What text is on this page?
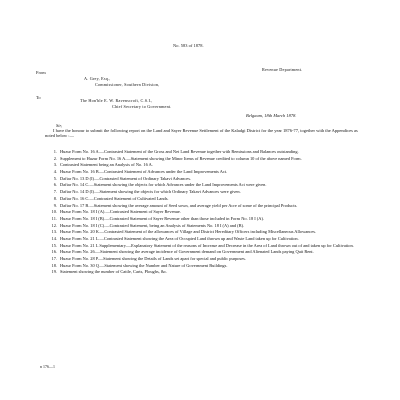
No. 583 of 1878.
Revenue Department.
From
A. Grey, Esq.,
Commissioner, Southern Division,
To
The Hon'ble E. W. Ravenscroft, C.S.I.,
Chief Secretary to Government.
Belgaum, 18th March 1878.
Sir,
I have the honour to submit the following report on the Land and Sayer Revenue Settlement of the Kaladgi District for the year 1876-77, together with the Appendices as noted below :—
1. Huzur Form No. 16 A.—Contrasted Statement of the Gross and Net Land Revenue together with Remissions and Balances outstanding.
2. Supplement to Huzur Form No. 16 A.—Statement showing the Minor Items of Revenue credited to column 10 of the above named Form.
3. Contrasted Statement being an Analysis of No. 16 A.
4. Huzur Form No. 16 B.—Contrasted Statement of Advances under the Land Improvements Act.
5. Daftar No. 13 D (I).—Contrasted Statement of Ordinary Takavi Advances.
6. Daftar No. 14 C.—Statement showing the objects for which Advances under the Land Improvements Act were given.
7. Daftar No. 14 D (I).—Statement showing the objects for which Ordinary Takavi Advances were given.
8. Daftar No. 16 C.—Contrasted Statement of Cultivated Lands.
9. Daftar No. 17 B.—Statement showing the average amount of Seed sown, and average yield per Acre of some of the principal Products.
10. Huzur Form No. 18 I (A).—Contrasted Statement of Sayer Revenue.
11. Huzur Form No. 18 I (B).—Contrasted Statement of Sayer Revenue other than those included in Form No. 18 I (A).
12. Huzur Form No. 18 I (C).—Contrasted Statement, being an Analysis of Statements No. 18 I (A) and (B).
13. Huzur Form No. 20 K.—Contrasted Statement of the allowances of Village and District Hereditary Officers including Miscellaneous Allowances.
14. Huzur Form No. 21 L.—Contrasted Statement showing the Area of Occupied Land thrown up and Waste Land taken up for Cultivation.
15. Huzur Form No. 21 L Supplementary.—Explanatory Statement of the reasons of Increase and Decrease in the Area of Land thrown out of and taken up for Cultivation.
16. Huzur Form No. 26.—Statement showing the average incidence of Government demand on Government and Alienated Lands paying Quit Rent.
17. Huzur Form No. 28 P.—Statement showing the Details of Lands set apart for special and public purposes.
18. Huzur Form No. 30 Q.—Statement showing the Number and Nature of Government Buildings.
19. Statement showing the number of Cattle, Carts, Ploughs, &c.
n 176—1
